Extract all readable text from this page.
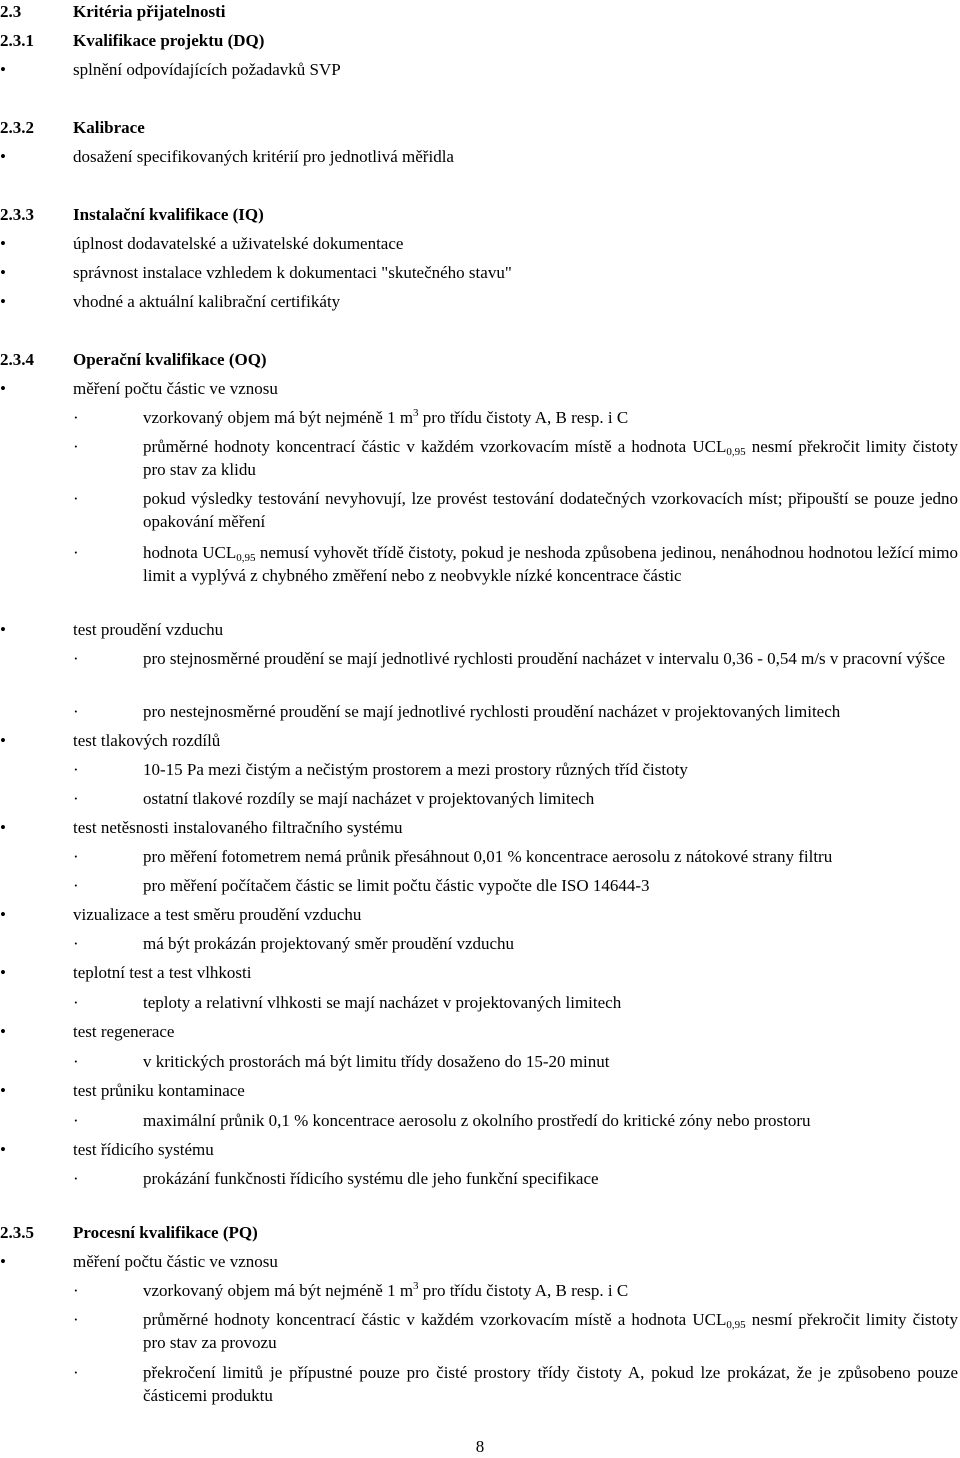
2.3	Kritéria přijatelnosti
2.3.1 Kvalifikace projektu (DQ)
•	splnění odpovídajících požadavků SVP
2.3.2 Kalibrace
•	dosažení specifikovaných kritérií pro jednotlivá měřidla
2.3.3 Instalační kvalifikace (IQ)
•	úplnost dodavatelské a uživatelské dokumentace
•	správnost instalace vzhledem k dokumentaci "skutečného stavu"
•	vhodné a aktuální kalibrační certifikáty
2.3.4 Operační kvalifikace (OQ)
•	měření počtu částic ve vznosu
·	vzorkovaný objem má být nejméně 1 $m^3$ pro třídu čistoty A, B resp. i C
·	průměrné hodnoty koncentrací částic v každém vzorkovacím místě a hodnota $UCL_{0,95}$ nesmí překročit limity čistoty pro stav za klidu
·	pokud výsledky testování nevyhovují, lze provést testování dodatečných vzorkovacích míst; připouští se pouze jedno opakování měření
·	hodnota $UCL_{0,95}$ nemusí vyhovět třídě čistoty, pokud je neshoda způsobena jedinou, nenáhodnou hodnotou ležící mimo limit a vyplývá z chybného změření nebo z neobvykle nízké koncentrace částic
•	test proudění vzduchu
·	pro stejnosměrné proudění se mají jednotlivé rychlosti proudění nacházet v intervalu 0,36 - 0,54 m/s v pracovní výšce
·	pro nestejnosměrné proudění se mají jednotlivé rychlosti proudění nacházet v projektovaných limitech
•	test tlakových rozdílů
·	10-15 Pa mezi čistým a nečistým prostorem a mezi prostory různých tříd čistoty
·	ostatní tlakové rozdíly se mají nacházet v projektovaných limitech
•	test netěsnosti instalovaného filtračního systému
·	pro měření fotometrem nemá průnik přesáhnout 0,01 % koncentrace aerosolu z nátokové strany filtru
·	pro měření počítačem částic se limit počtu částic vypočte dle ISO 14644-3
•	vizualizace a test směru proudění vzduchu
·	má být prokázán projektovaný směr proudění vzduchu
•	teplotní test a test vlhkosti
·	teploty a relativní vlhkosti se mají nacházet v projektovaných limitech
•	test regenerace
·	v kritických prostorách má být limitu třídy dosaženo do 15-20 minut
•	test průniku kontaminace
·	maximální průnik 0,1 % koncentrace aerosolu z okolního prostředí do kritické zóny nebo prostoru
•	test řídicího systému
·	prokázání funkčnosti řídicího systému dle jeho funkční specifikace
2.3.5 Procesní kvalifikace (PQ)
•	měření počtu částic ve vznosu
·	vzorkovaný objem má být nejméně 1 $m^3$ pro třídu čistoty A, B resp. i C
·	průměrné hodnoty koncentrací částic v každém vzorkovacím místě a hodnota $UCL_{0,95}$ nesmí překročit limity čistoty pro stav za provozu
·	překročení limitů je přípustné pouze pro čisté prostory třídy čistoty A, pokud lze prokázat, že je způsobeno pouze částicemi produktu
8
